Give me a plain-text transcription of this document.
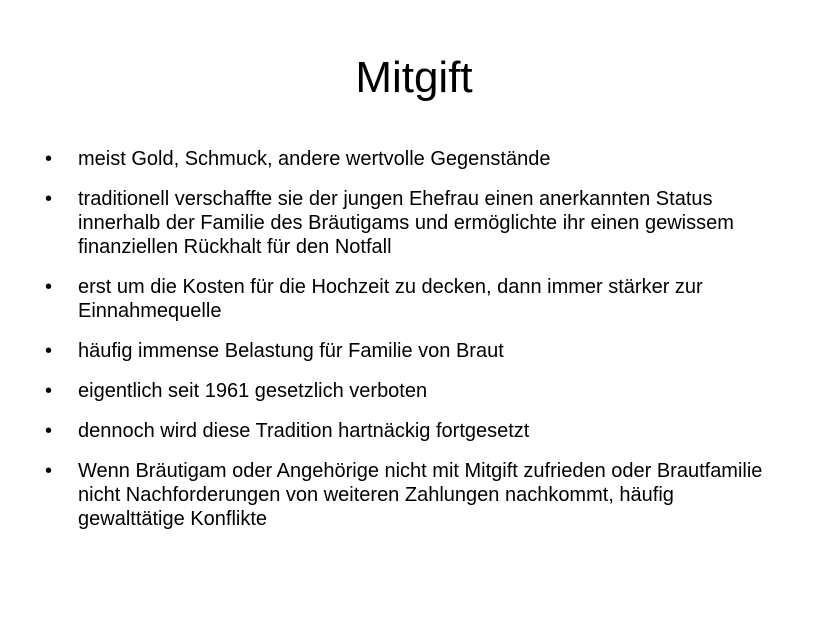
Mitgift
•	meist Gold, Schmuck, andere wertvolle Gegenstände
•	traditionell verschaffte sie der jungen Ehefrau einen anerkannten Status innerhalb der Familie des Bräutigams und ermöglichte ihr einen gewissem finanziellen Rückhalt für den Notfall
•	erst um die Kosten für die Hochzeit zu decken, dann immer stärker zur Einnahmequelle
•	häufig immense Belastung für Familie von Braut
•	eigentlich seit 1961 gesetzlich verboten
•	dennoch wird diese Tradition hartnäckig fortgesetzt
•	Wenn Bräutigam oder Angehörige nicht mit Mitgift zufrieden oder Brautfamilie nicht Nachforderungen von weiteren Zahlungen nachkommt, häufig gewalttätige Konflikte
